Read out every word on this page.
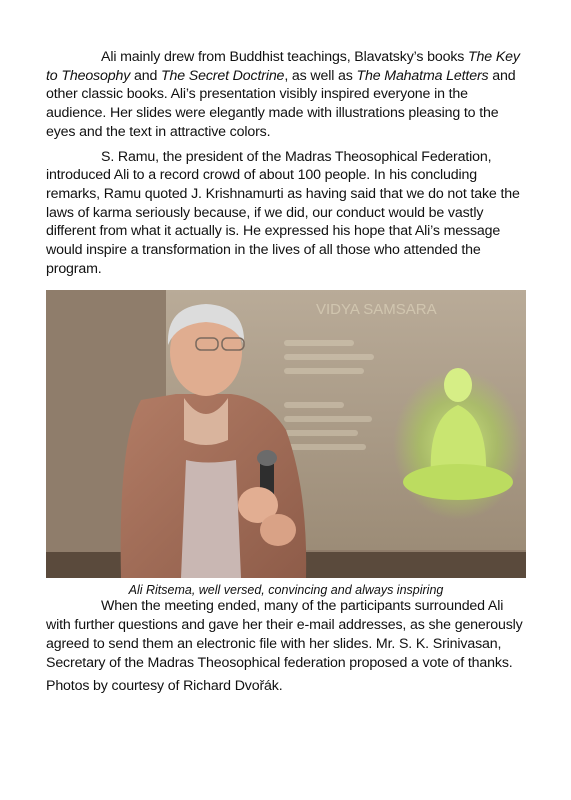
Ali mainly drew from Buddhist teachings, Blavatsky’s books The Key to Theosophy and The Secret Doctrine, as well as The Mahatma Letters and other classic books. Ali’s presentation visibly inspired everyone in the audience. Her slides were elegantly made with illustrations pleasing to the eyes and the text in attractive colors.

S. Ramu, the president of the Madras Theosophical Federation, introduced Ali to a record crowd of about 100 people. In his concluding remarks, Ramu quoted J. Krishnamurti as having said that we do not take the laws of karma seriously because, if we did, our conduct would be vastly different from what it actually is. He expressed his hope that Ali’s message would inspire a transformation in the lives of all those who attended the program.

VIDYA SAMSARA
Ali Ritsema, well versed, convincing and always inspiring

When the meeting ended, many of the participants surrounded Ali with further questions and gave her their e-mail addresses, as she generously agreed to send them an electronic file with her slides. Mr. S. K. Srinivasan, Secretary of the Madras Theosophical federation proposed a vote of thanks.

Photos by courtesy of Richard Dvořák.
